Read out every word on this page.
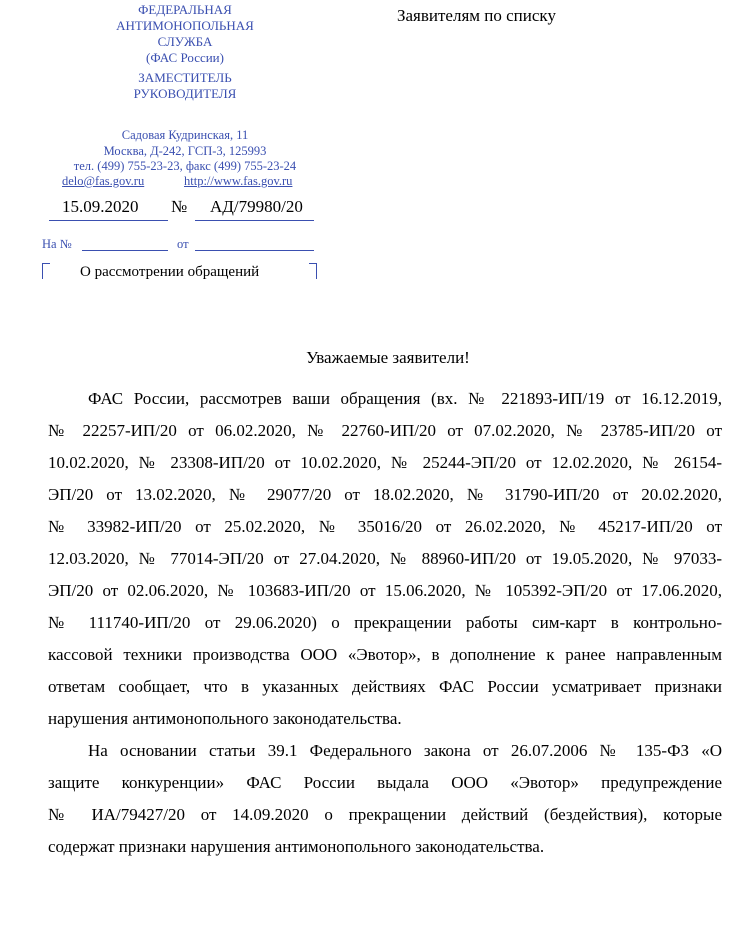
ФЕДЕРАЛЬНАЯ
АНТИМОНОПОЛЬНАЯ
СЛУЖБА
(ФАС России)
ЗАМЕСТИТЕЛЬ
РУКОВОДИТЕЛЯ
Садовая Кудринская, 11
Москва, Д-242, ГСП-3, 125993
тел. (499) 755-23-23, факс (499) 755-23-24
delo@fas.gov.ru	http://www.fas.gov.ru
Заявителям по списку
15.09.2020 № АД/79980/20
На №	от
О рассмотрении обращений
Уважаемые заявители!
ФАС России, рассмотрев ваши обращения (вх. № 221893-ИП/19 от 16.12.2019,
№ 22257-ИП/20 от 06.02.2020, № 22760-ИП/20 от 07.02.2020, № 23785-ИП/20 от
10.02.2020, № 23308-ИП/20 от 10.02.2020, № 25244-ЭП/20 от 12.02.2020, № 26154-
ЭП/20 от 13.02.2020, № 29077/20 от 18.02.2020, № 31790-ИП/20 от 20.02.2020,
№ 33982-ИП/20 от 25.02.2020, № 35016/20 от 26.02.2020, № 45217-ИП/20 от
12.03.2020, № 77014-ЭП/20 от 27.04.2020, № 88960-ИП/20 от 19.05.2020, № 97033-
ЭП/20 от 02.06.2020, № 103683-ИП/20 от 15.06.2020, № 105392-ЭП/20 от 17.06.2020,
№ 111740-ИП/20 от 29.06.2020) о прекращении работы сим-карт в контрольно-
кассовой техники производства ООО «Эвотор», в дополнение к ранее направленным
ответам сообщает, что в указанных действиях ФАС России усматривает признаки
нарушения антимонопольного законодательства.
На основании статьи 39.1 Федерального закона от 26.07.2006 № 135-ФЗ «О
защите конкуренции» ФАС России выдала ООО «Эвотор» предупреждение
№ ИА/79427/20 от 14.09.2020 о прекращении действий (бездействия), которые
содержат признаки нарушения антимонопольного законодательства.
